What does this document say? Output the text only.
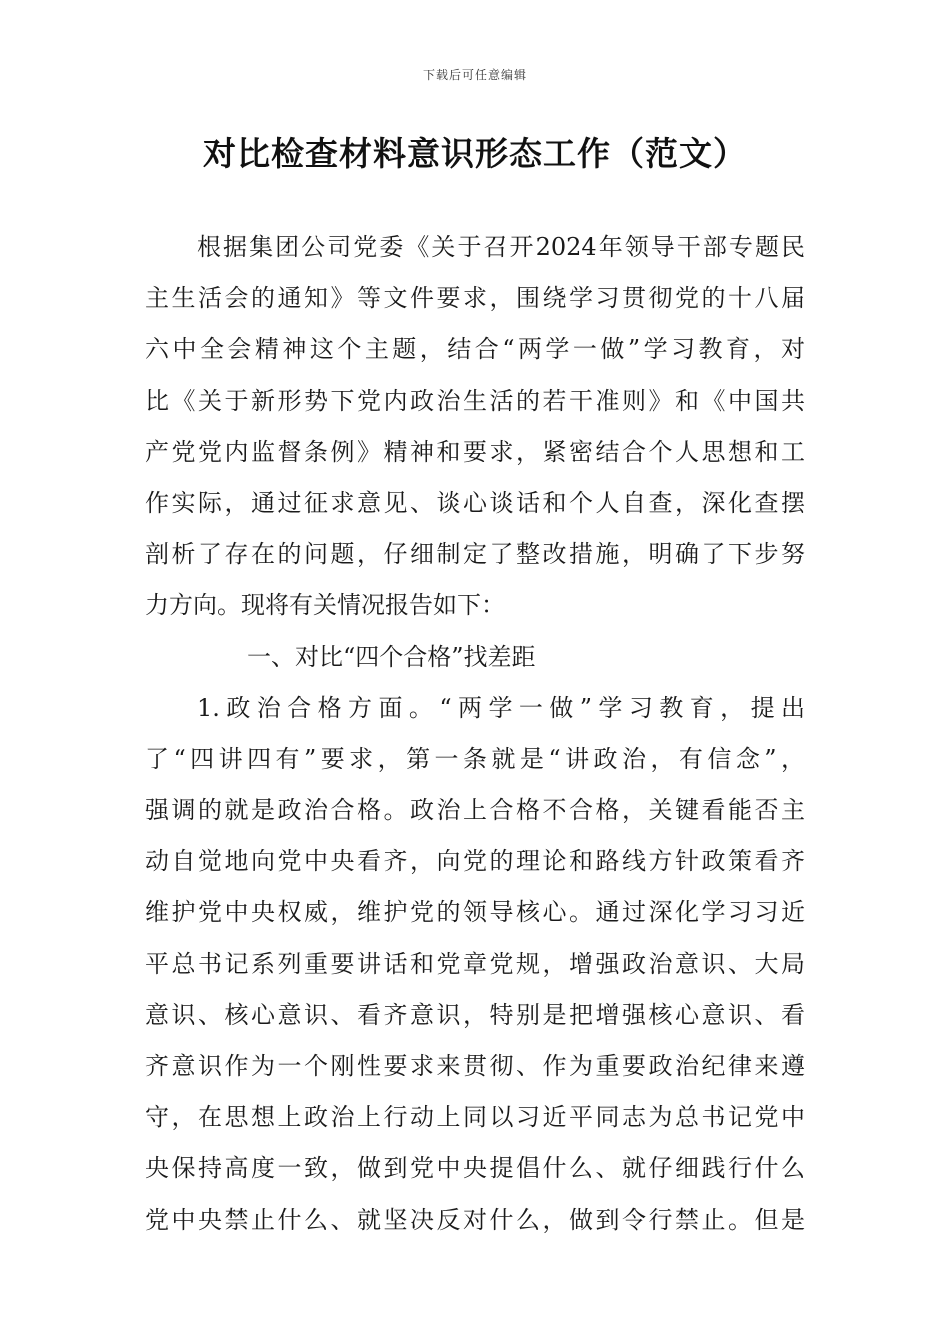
下载后可任意编辑
对比检查材料意识形态工作（范文）
根据集团公司党委《关于召开2024年领导干部专题民
主生活会的通知》等文件要求，围绕学习贯彻党的十八届
六中全会精神这个主题，结合“两学一做”学习教育，对
比《关于新形势下党内政治生活的若干准则》和《中国共
产党党内监督条例》精神和要求，紧密结合个人思想和工
作实际，通过征求意见、谈心谈话和个人自查，深化查摆
剖析了存在的问题，仔细制定了整改措施，明确了下步努
力方向。现将有关情况报告如下：
一、对比“四个合格”找差距
1.政治合格方面。“两学一做”学习教育，提出
了“四讲四有”要求，第一条就是“讲政治，有信念”，
强调的就是政治合格。政治上合格不合格，关键看能否主
动自觉地向党中央看齐，向党的理论和路线方针政策看齐
维护党中央权威，维护党的领导核心。通过深化学习习近
平总书记系列重要讲话和党章党规，增强政治意识、大局
意识、核心意识、看齐意识，特别是把增强核心意识、看
齐意识作为一个刚性要求来贯彻、作为重要政治纪律来遵
守，在思想上政治上行动上同以习近平同志为总书记党中
央保持高度一致，做到党中央提倡什么、就仔细践行什么
党中央禁止什么、就坚决反对什么，做到令行禁止。但是
